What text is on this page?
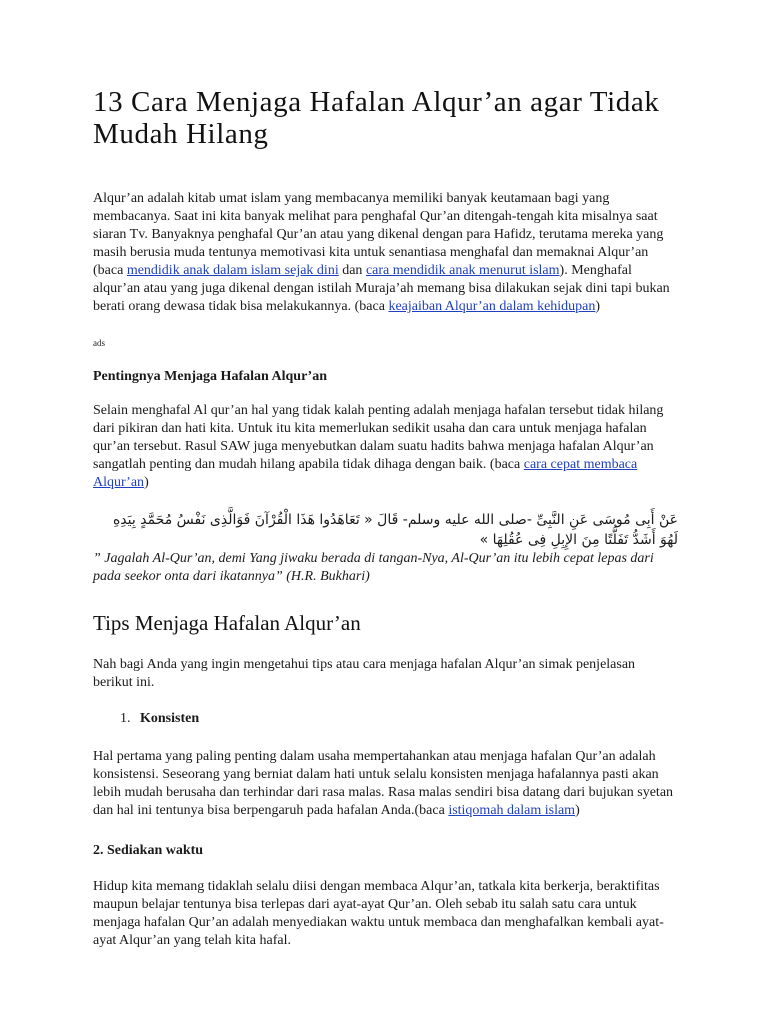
13 Cara Menjaga Hafalan Alqur’an agar Tidak Mudah Hilang

Alqur’an adalah kitab umat islam yang membacanya memiliki banyak keutamaan bagi yang membacanya. Saat ini kita banyak melihat para penghafal Qur’an ditengah-tengah kita misalnya saat siaran Tv. Banyaknya penghafal Qur’an atau yang dikenal dengan para Hafidz, terutama mereka yang masih berusia muda tentunya memotivasi kita untuk senantiasa menghafal dan memaknai Alqur’an (baca mendidik anak dalam islam sejak dini dan cara mendidik anak menurut islam). Menghafal alqur’an atau yang juga dikenal dengan istilah Muraja’ah memang bisa dilakukan sejak dini tapi bukan berati orang dewasa tidak bisa melakukannya. (baca keajaiban Alqur’an dalam kehidupan)

ads
Pentingnya Menjaga Hafalan Alqur’an

Selain menghafal Al qur’an hal yang tidak kalah penting adalah menjaga hafalan tersebut tidak hilang dari pikiran dan hati kita. Untuk itu kita memerlukan sedikit usaha dan cara untuk menjaga hafalan qur’an tersebut. Rasul SAW juga menyebutkan dalam suatu hadits bahwa menjaga hafalan Alqur’an sangatlah penting dan mudah hilang apabila tidak dihaga dengan baik. (baca cara cepat membaca Alqur’an)

عَنْ أَبِى مُوسَى عَنِ النَّبِىِّ -صلى الله عليه وسلم- قَالَ « تَعَاهَدُوا هَذَا الْقُرْآنَ فَوَالَّذِى نَفْسُ مُحَمَّدٍ بِيَدِهِ لَهُوَ أَشَدُّ تَفَلُّتًا مِنَ الإِبِلِ فِى عُقُلِهَا »

” Jagalah Al-Qur’an, demi Yang jiwaku berada di tangan-Nya, Al-Qur’an itu lebih cepat lepas dari pada seekor onta dari ikatannya” (H.R. Bukhari)

Tips Menjaga Hafalan Alqur’an

Nah bagi Anda yang ingin mengetahui tips atau cara menjaga hafalan Alqur’an simak penjelasan berikut ini.

1. Konsisten

Hal pertama yang paling penting dalam usaha mempertahankan atau menjaga hafalan Qur’an adalah konsistensi. Seseorang yang berniat dalam hati untuk selalu konsisten menjaga hafalannya pasti akan lebih mudah berusaha dan terhindar dari rasa malas. Rasa malas sendiri bisa datang dari bujukan syetan dan hal ini tentunya bisa berpengaruh pada hafalan Anda.(baca istiqomah dalam islam)

2. Sediakan waktu

Hidup kita memang tidaklah selalu diisi dengan membaca Alqur’an, tatkala kita berkerja, beraktifitas maupun belajar tentunya bisa terlepas dari ayat-ayat Qur’an. Oleh sebab itu salah satu cara untuk menjaga hafalan Qur’an adalah menyediakan waktu untuk membaca dan menghafalkan kembali ayat-ayat Alqur’an yang telah kita hafal.
